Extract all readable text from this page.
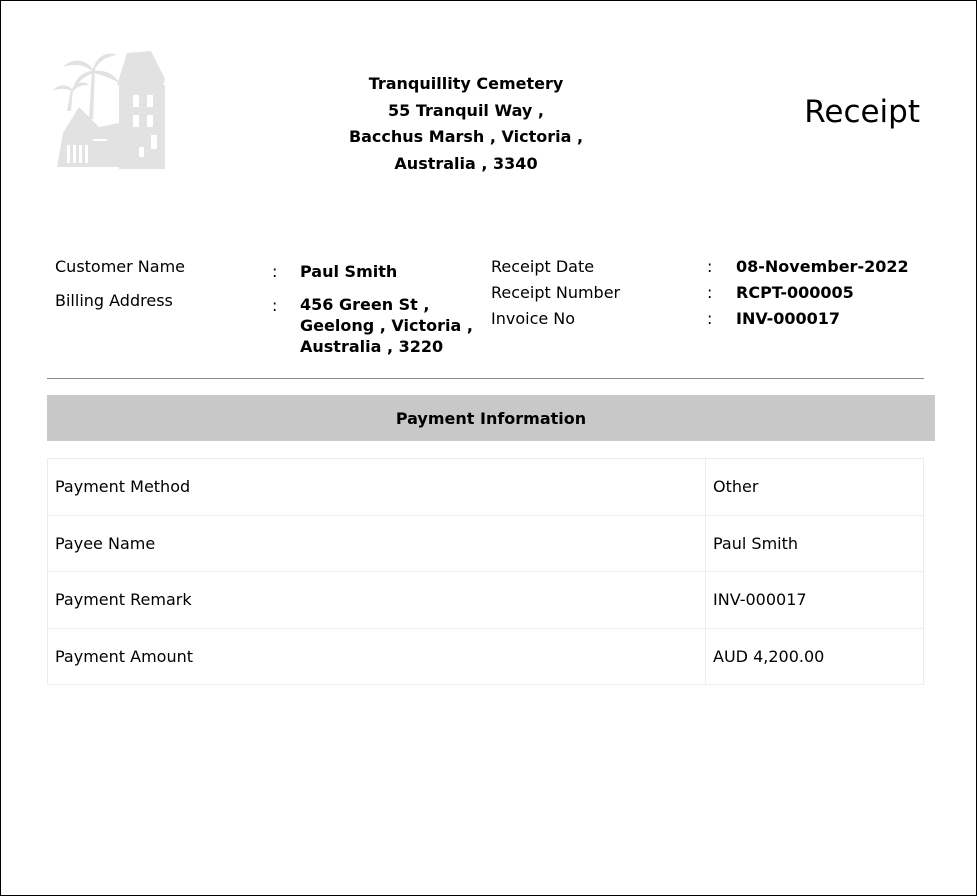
Tranquillity Cemetery
55 Tranquil Way ,
Bacchus Marsh , Victoria ,
Australia , 3340
Receipt
Customer Name	: Paul Smith
Billing Address	: 456 Green St ,
Geelong , Victoria ,
Australia , 3220
Receipt Date	: 08-November-2022
Receipt Number	: RCPT-000005
Invoice No	: INV-000017
Payment Information
Payment Method	Other
Payee Name	Paul Smith
Payment Remark	INV-000017
Payment Amount	AUD 4,200.00
